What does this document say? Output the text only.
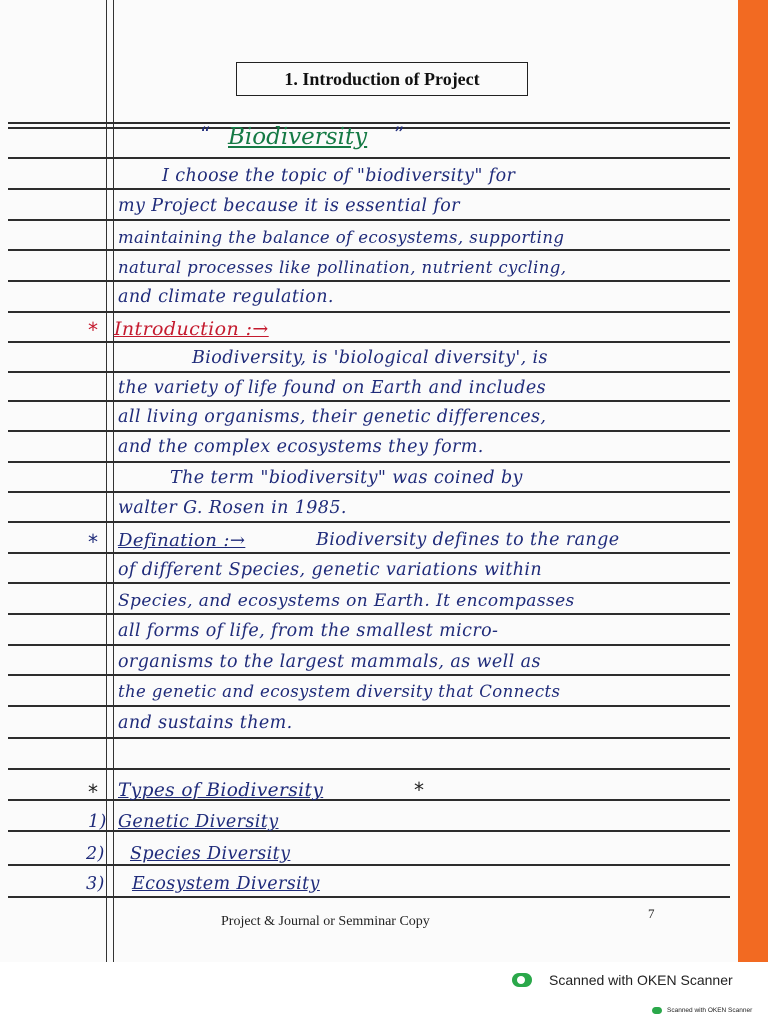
1. Introduction of Project
“ Biodiversity ”
I choose the topic of "biodiversity" for
my Project because it is essential for
maintaining the balance of ecosystems, supporting
natural processes like pollination, nutrient cycling,
and climate regulation.
* Introduction :→
Biodiversity, is 'biological diversity', is
the variety of life found on Earth and includes
all living organisms, their genetic differences,
and the complex ecosystems they form.
The term "biodiversity" was coined by
walter G. Rosen in 1985.
* Defination :→	Biodiversity defines to the range
of different Species, genetic variations within
Species, and ecosystems on Earth. It encompasses
all forms of life, from the smallest micro-
organisms to the largest mammals, as well as
the genetic and ecosystem diversity that Connects
and sustains them.
* Types of Biodiversity	*
1) Genetic Diversity
2) Species Diversity
3) Ecosystem Diversity
Project & Journal or Semminar Copy
7
Scanned with OKEN Scanner
Scanned with OKEN Scanner
